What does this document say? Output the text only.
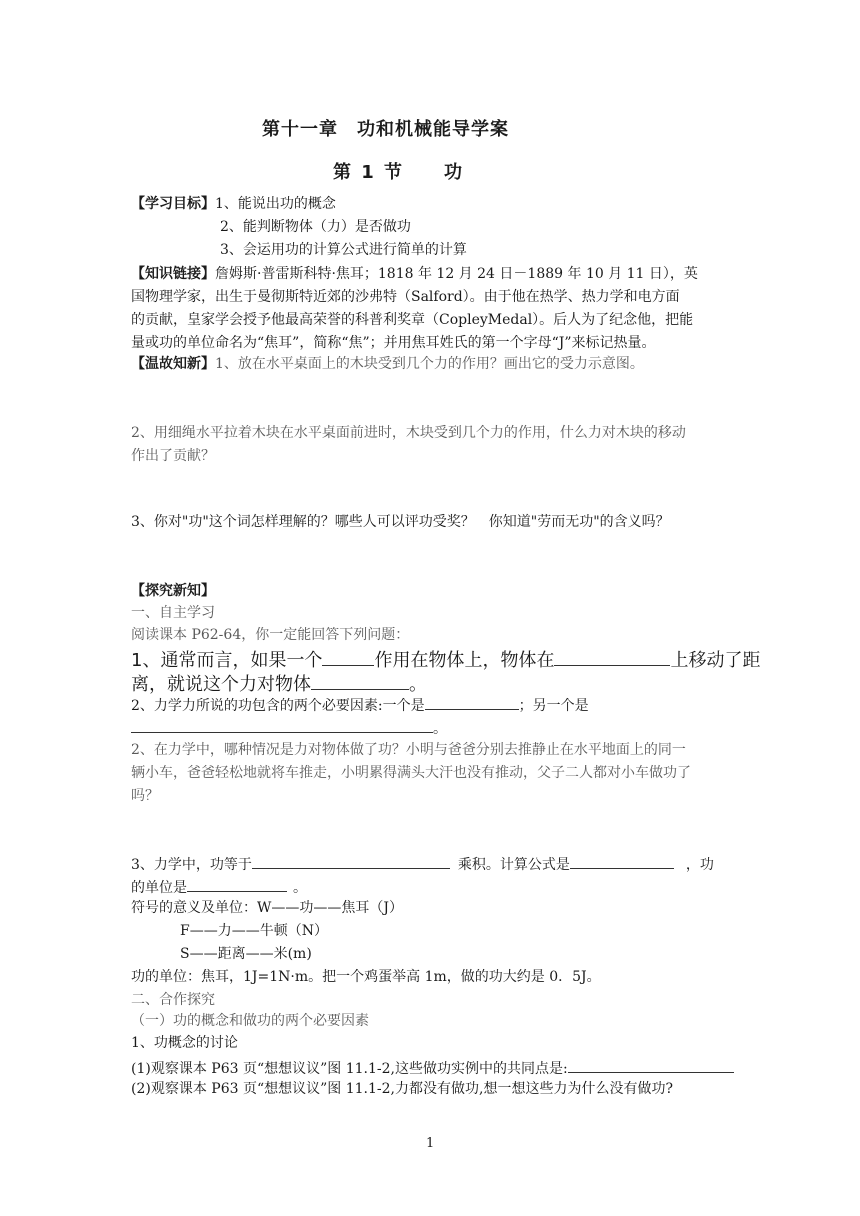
第十一章　功和机械能导学案
第 1 节　　功
【学习目标】1、能说出功的概念
2、能判断物体（力）是否做功
3、会运用功的计算公式进行简单的计算
【知识链接】詹姆斯·普雷斯科特·焦耳；1818 年 12 月 24 日－1889 年 10 月 11 日），英
国物理学家，出生于曼彻斯特近郊的沙弗特（Salford）。由于他在热学、热力学和电方面
的贡献，皇家学会授予他最高荣誉的科普利奖章（CopleyMedal）。后人为了纪念他，把能
量或功的单位命名为“焦耳”，简称“焦”；并用焦耳姓氏的第一个字母“J”来标记热量。
【温故知新】1、放在水平桌面上的木块受到几个力的作用？画出它的受力示意图。
2、用细绳水平拉着木块在水平桌面前进时，木块受到几个力的作用，什么力对木块的移动
作出了贡献？
3、你对"功"这个词怎样理解的？哪些人可以评功受奖？　你知道"劳而无功"的含义吗？
【探究新知】
一、自主学习
阅读课本 P62-64，你一定能回答下列问题：
1、通常而言，如果一个	作用在物体上，物体在	上移动了距
离，就说这个力对物体	。
2、力学力所说的功包含的两个必要因素:一个是	；另一个是
。
2、在力学中，哪种情况是力对物体做了功？小明与爸爸分别去推静止在水平地面上的同一
辆小车，爸爸轻松地就将车推走，小明累得满头大汗也没有推动，父子二人都对小车做功了
吗？
3、力学中，功等于	乘积。计算公式是	，功
的单位是	。
符号的意义及单位：W——功——焦耳（J）
F——力——牛顿（N）
S——距离——米(m)
功的单位：焦耳，1J=1N·m。把一个鸡蛋举高 1m，做的功大约是 0．5J。
二、合作探究
（一）功的概念和做功的两个必要因素
1、功概念的讨论
(1)观察课本 P63 页“想想议议”图 11.1-2,这些做功实例中的共同点是:
(2)观察课本 P63 页“想想议议”图 11.1-2,力都没有做功,想一想这些力为什么没有做功?
1
